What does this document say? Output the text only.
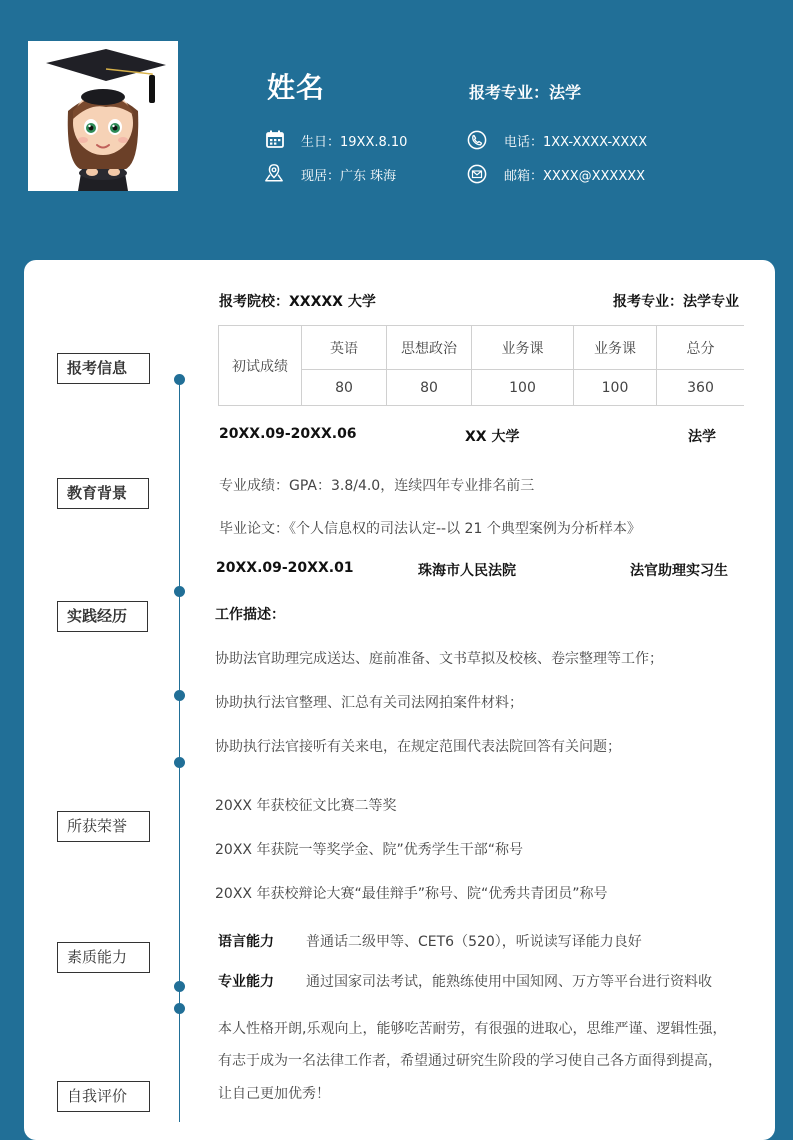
姓名	报考专业：法学
生日：19XX.8.10	电话：1XX-XXXX-XXXX
现居：广东 珠海	邮箱：XXXX@XXXXXX
报考信息
教育背景
实践经历
所获荣誉
素质能力
自我评价
报考院校：XXXXX 大学	报考专业：法学专业
初试成绩	英语	思想政治	业务课	业务课	总分
	80	80	100	100	360
20XX.09-20XX.06	XX 大学	法学
专业成绩：GPA：3.8/4.0，连续四年专业排名前三
毕业论文：《个人信息权的司法认定--以 21 个典型案例为分析样本》
20XX.09-20XX.01	珠海市人民法院	法官助理实习生
工作描述：
协助法官助理完成送达、庭前准备、文书草拟及校核、卷宗整理等工作；
协助执行法官整理、汇总有关司法网拍案件材料；
协助执行法官接听有关来电，在规定范围代表法院回答有关问题；
20XX 年获校征文比赛二等奖
20XX 年获院一等奖学金、院”优秀学生干部“称号
20XX 年获校辩论大赛“最佳辩手”称号、院“优秀共青团员”称号
语言能力 普通话二级甲等、CET6（520），听说读写译能力良好
专业能力 通过国家司法考试，能熟练使用中国知网、万方等平台进行资料收
本人性格开朗,乐观向上，能够吃苦耐劳，有很强的进取心，思维严谨、逻辑性强，
有志于成为一名法律工作者，希望通过研究生阶段的学习使自己各方面得到提高，
让自己更加优秀！
